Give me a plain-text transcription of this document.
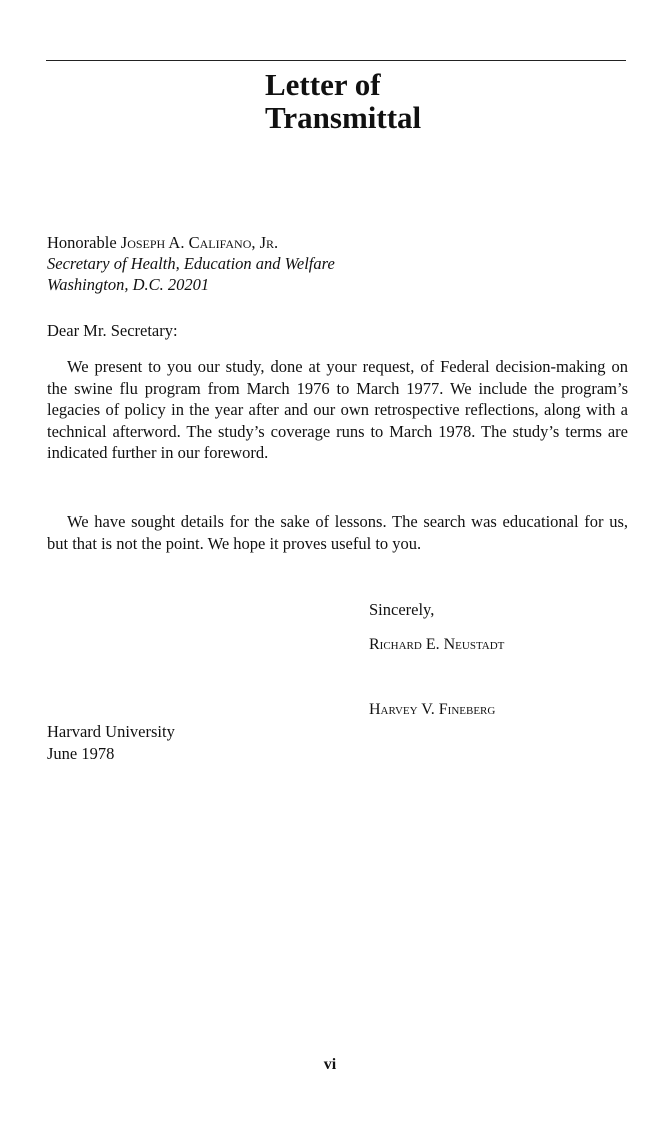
Letter of
Transmittal
Honorable Joseph A. Califano, Jr.
Secretary of Health, Education and Welfare
Washington, D.C. 20201

Dear Mr. Secretary:

We present to you our study, done at your request, of Federal decision-making on the swine flu program from March 1976 to March 1977. We include the program’s legacies of policy in the year after and our own retrospective reflections, along with a technical afterword. The study’s coverage runs to March 1978. The study’s terms are indicated further in our foreword.

We have sought details for the sake of lessons. The search was educational for us, but that is not the point. We hope it proves useful to you.

Sincerely,

Richard E. Neustadt

Harvey V. Fineberg

Harvard University
June 1978

vi
